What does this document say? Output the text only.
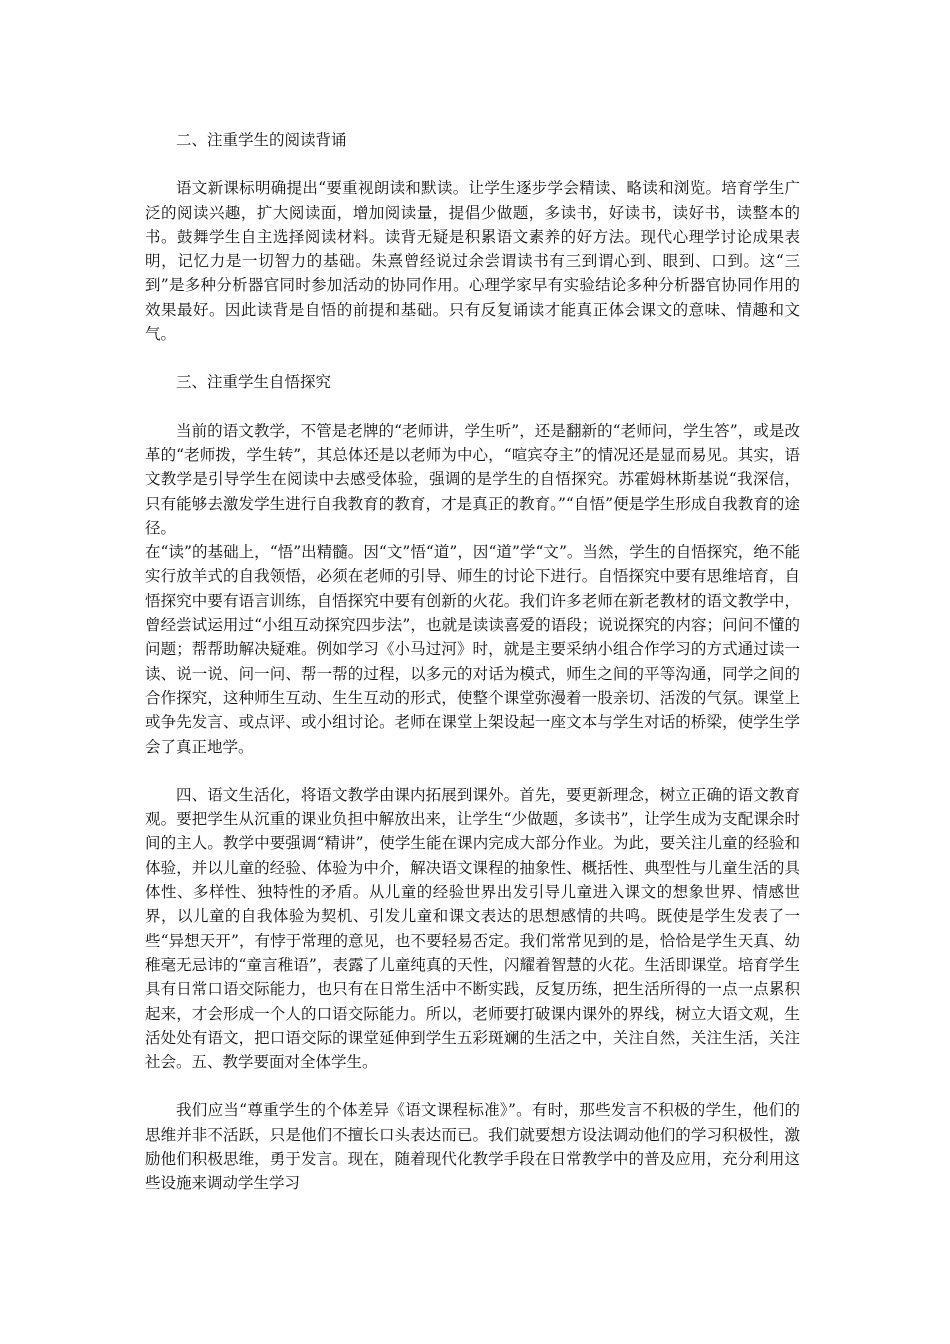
二、注重学生的阅读背诵

语文新课标明确提出“要重视朗读和默读。让学生逐步学会精读、略读和浏览。培育学生广泛的阅读兴趣，扩大阅读面，增加阅读量，提倡少做题，多读书，好读书，读好书，读整本的书。鼓舞学生自主选择阅读材料。读背无疑是积累语文素养的好方法。现代心理学讨论成果表明，记忆力是一切智力的基础。朱熹曾经说过余尝谓读书有三到谓心到、眼到、口到。这“三到”是多种分析器官同时参加活动的协同作用。心理学家早有实验结论多种分析器官协同作用的效果最好。因此读背是自悟的前提和基础。只有反复诵读才能真正体会课文的意味、情趣和文气。

三、注重学生自悟探究

当前的语文教学，不管是老牌的“老师讲，学生听”，还是翻新的“老师问，学生答”，或是改革的“老师拨，学生转”，其总体还是以老师为中心，“喧宾夺主”的情况还是显而易见。其实，语文教学是引导学生在阅读中去感受体验，强调的是学生的自悟探究。苏霍姆林斯基说“我深信，只有能够去激发学生进行自我教育的教育，才是真正的教育。”“自悟”便是学生形成自我教育的途径。

在“读”的基础上，“悟”出精髓。因“文”悟“道”，因“道”学“文”。当然，学生的自悟探究，绝不能实行放羊式的自我领悟，必须在老师的引导、师生的讨论下进行。自悟探究中要有思维培育，自悟探究中要有语言训练，自悟探究中要有创新的火花。我们许多老师在新老教材的语文教学中，曾经尝试运用过“小组互动探究四步法”，也就是读读喜爱的语段；说说探究的内容；问问不懂的问题；帮帮助解决疑难。例如学习《小马过河》时，就是主要采纳小组合作学习的方式通过读一读、说一说、问一问、帮一帮的过程，以多元的对话为模式，师生之间的平等沟通，同学之间的合作探究，这种师生互动、生生互动的形式，使整个课堂弥漫着一股亲切、活泼的气氛。课堂上或争先发言、或点评、或小组讨论。老师在课堂上架设起一座文本与学生对话的桥梁，使学生学会了真正地学。

四、语文生活化，将语文教学由课内拓展到课外。首先，要更新理念，树立正确的语文教育观。要把学生从沉重的课业负担中解放出来，让学生“少做题，多读书”，让学生成为支配课余时间的主人。教学中要强调“精讲”，使学生能在课内完成大部分作业。为此，要关注儿童的经验和体验，并以儿童的经验、体验为中介，解决语文课程的抽象性、概括性、典型性与儿童生活的具体性、多样性、独特性的矛盾。从儿童的经验世界出发引导儿童进入课文的想象世界、情感世界，以儿童的自我体验为契机、引发儿童和课文表达的思想感情的共鸣。既使是学生发表了一些“异想天开”，有悖于常理的意见，也不要轻易否定。我们常常见到的是，恰恰是学生天真、幼稚毫无忌讳的“童言稚语”，表露了儿童纯真的天性，闪耀着智慧的火花。生活即课堂。培育学生具有日常口语交际能力，也只有在日常生活中不断实践，反复历练，把生活所得的一点一点累积起来，才会形成一个人的口语交际能力。所以，老师要打破课内课外的界线，树立大语文观，生活处处有语文，把口语交际的课堂延伸到学生五彩斑斓的生活之中，关注自然，关注生活，关注社会。五、教学要面对全体学生。

我们应当“尊重学生的个体差异《语文课程标准》”。有时，那些发言不积极的学生，他们的思维并非不活跃，只是他们不擅长口头表达而已。我们就要想方设法调动他们的学习积极性，激励他们积极思维，勇于发言。现在，随着现代化教学手段在日常教学中的普及应用，充分利用这些设施来调动学生学习
